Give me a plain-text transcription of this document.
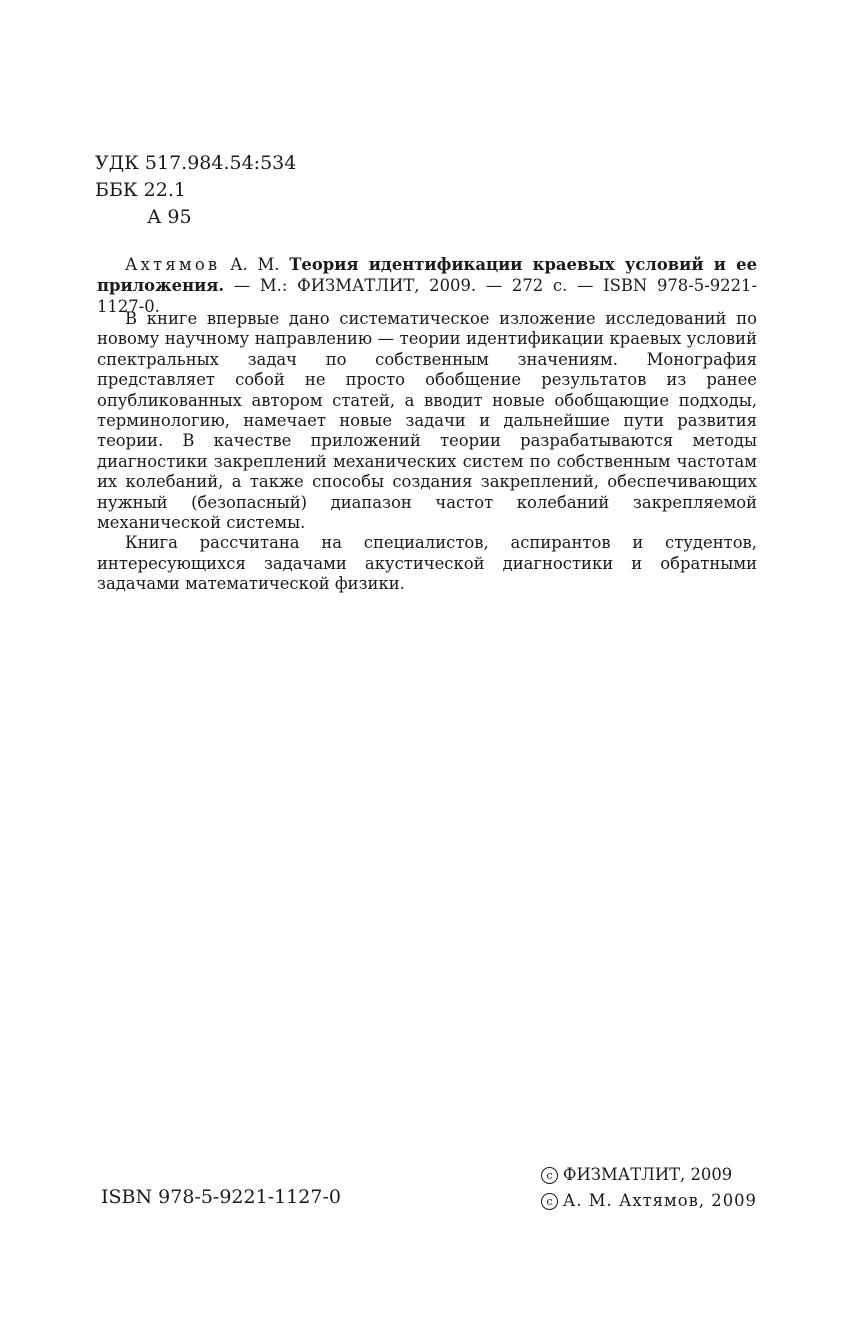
УДК 517.984.54:534
ББК 22.1
А 95

Ахтямов А. М. Теория идентификации краевых условий и ее приложения. — М.: ФИЗМАТЛИТ, 2009. — 272 с. — ISBN 978-5-9221-1127-0.

В книге впервые дано систематическое изложение исследований по новому научному направлению — теории идентификации краевых условий спектральных задач по собственным значениям. Монография представляет собой не просто обобщение результатов из ранее опубликованных автором статей, а вводит новые обобщающие подходы, терминологию, намечает новые задачи и дальнейшие пути развития теории. В качестве приложений теории разрабатываются методы диагностики закреплений механических систем по собственным частотам их колебаний, а также способы создания закреплений, обеспечивающих нужный (безопасный) диапазон частот колебаний закрепляемой механической системы.

Книга рассчитана на специалистов, аспирантов и студентов, интересующихся задачами акустической диагностики и обратными задачами математической физики.

ISBN 978-5-9221-1127-0
c ФИЗМАТЛИТ, 2009
c А. М. Ахтямов, 2009
